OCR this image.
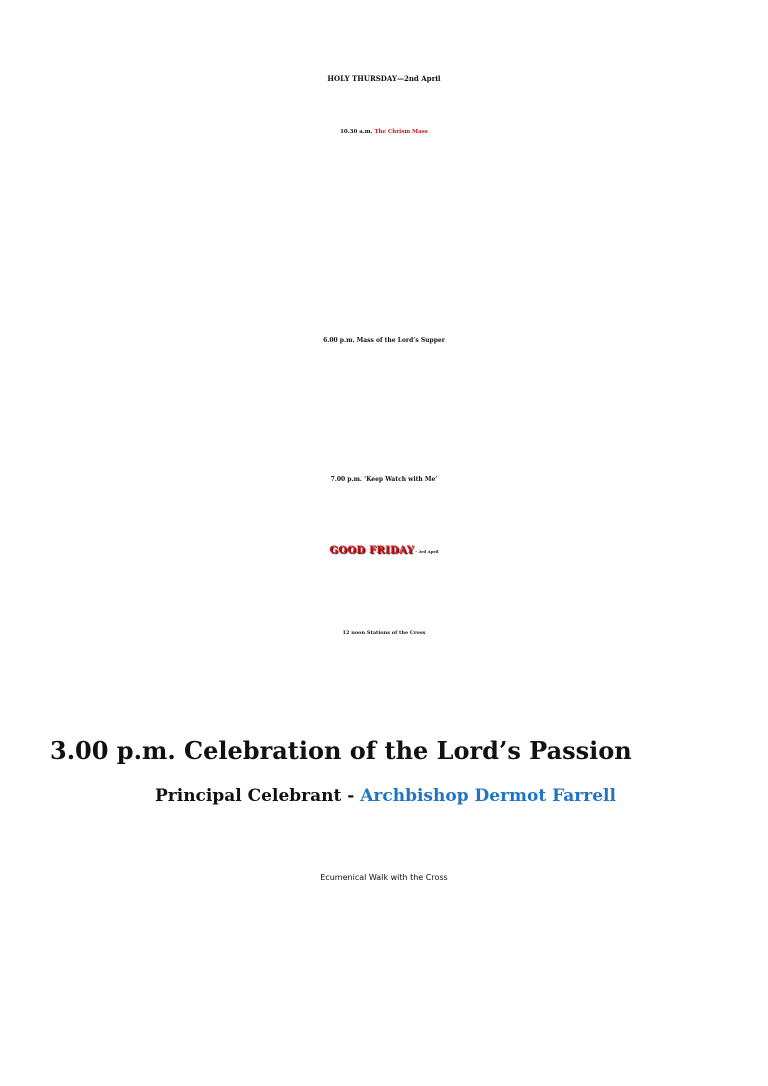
HOLY THURSDAY—2nd April
10.30 a.m. The Chrism Mass
6.00 p.m. Mass of the Lord’s Supper
7.00 p.m. ‘Keep Watch with Me’
GOOD FRIDAY - 3rd April
12 noon Stations of the Cross
3.00 p.m. Celebration of the Lord’s Passion
Principal Celebrant - Archbishop Dermot Farrell
Ecumenical Walk with the Cross
